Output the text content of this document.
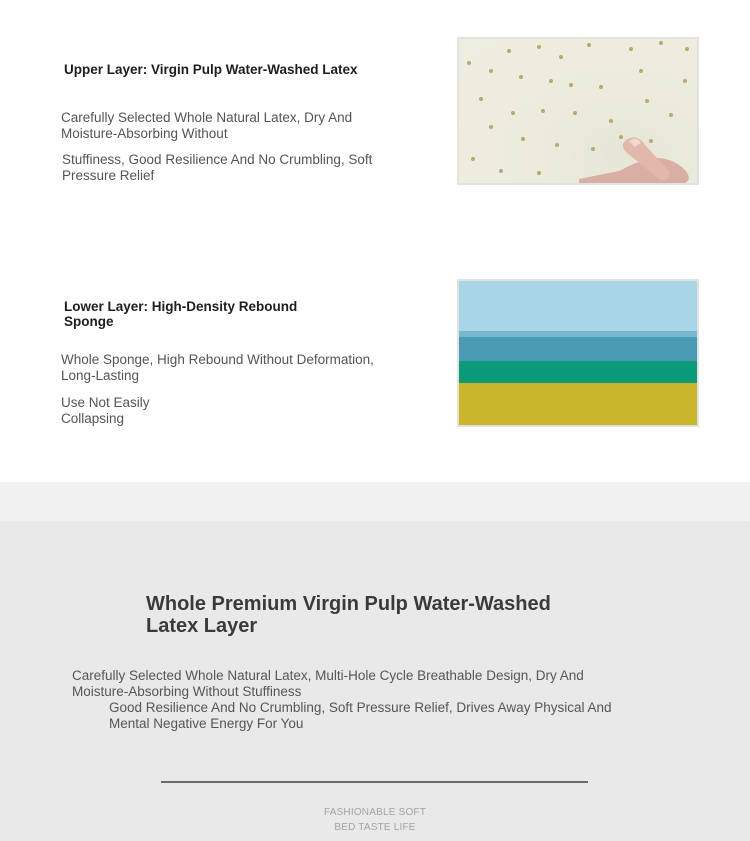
Upper Layer: Virgin Pulp Water-Washed Latex
Carefully Selected Whole Natural Latex, Dry And Moisture-Absorbing Without
Stuffiness, Good Resilience And No Crumbling, Soft Pressure Relief
Lower Layer: High-Density Rebound Sponge
Whole Sponge, High Rebound Without Deformation, Long-Lasting
Use Not Easily Collapsing
Whole Premium Virgin Pulp Water-Washed Latex Layer
Carefully Selected Whole Natural Latex, Multi-Hole Cycle Breathable Design, Dry And Moisture-Absorbing Without Stuffiness
Good Resilience And No Crumbling, Soft Pressure Relief, Drives Away Physical And Mental Negative Energy For You
FASHIONABLE SOFT
BED TASTE LIFE
